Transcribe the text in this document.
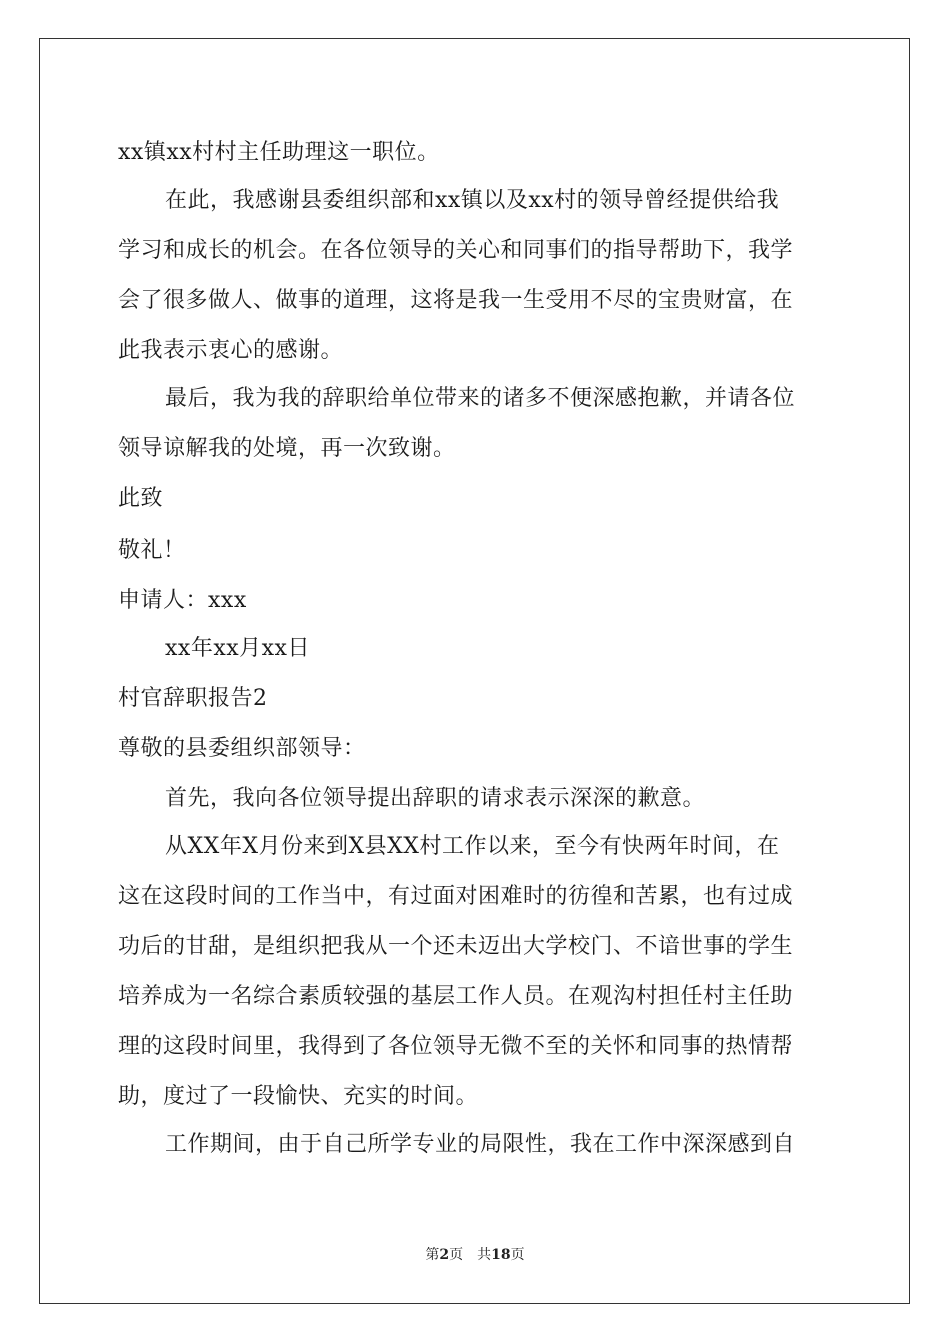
xx镇xx村村主任助理这一职位。
在此，我感谢县委组织部和xx镇以及xx村的领导曾经提供给我
学习和成长的机会。在各位领导的关心和同事们的指导帮助下，我学
会了很多做人、做事的道理，这将是我一生受用不尽的宝贵财富，在
此我表示衷心的感谢。
最后，我为我的辞职给单位带来的诸多不便深感抱歉，并请各位
领导谅解我的处境，再一次致谢。
此致
敬礼！
申请人：xxx
xx年xx月xx日
村官辞职报告2
尊敬的县委组织部领导：
首先，我向各位领导提出辞职的请求表示深深的歉意。
从XX年X月份来到X县XX村工作以来，至今有快两年时间，在
这在这段时间的工作当中，有过面对困难时的彷徨和苦累，也有过成
功后的甘甜，是组织把我从一个还未迈出大学校门、不谙世事的学生
培养成为一名综合素质较强的基层工作人员。在观沟村担任村主任助
理的这段时间里，我得到了各位领导无微不至的关怀和同事的热情帮
助，度过了一段愉快、充实的时间。
工作期间，由于自己所学专业的局限性，我在工作中深深感到自
第2页 共18页
